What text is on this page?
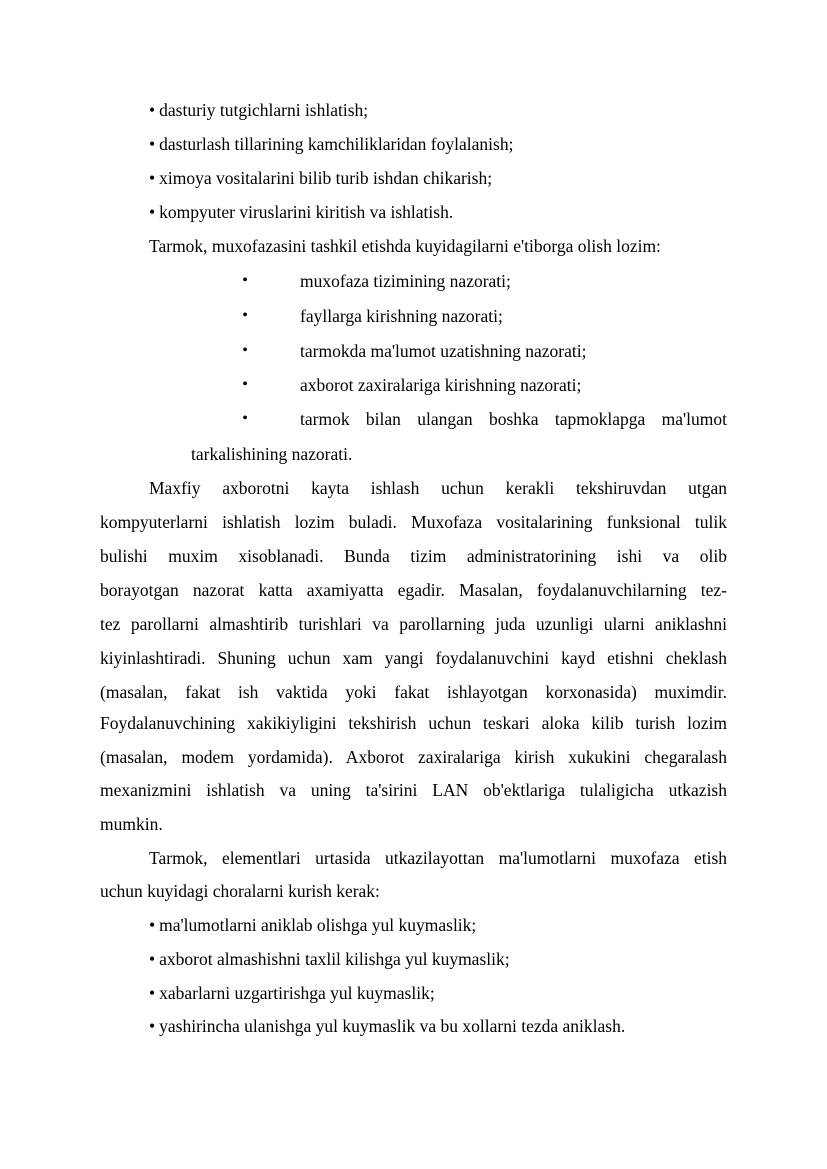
• dasturiy tutgichlarni ishlatish;
• dasturlash tillarining kamchiliklaridan foylalanish;
• ximoya vositalarini bilib turib ishdan chikarish;
• kompyuter viruslarini kiritish va ishlatish.
Tarmok, muxofazasini tashkil etishda kuyidagilarni e'tiborga olish lozim:
•	muxofaza tizimining nazorati;
•	fayllarga kirishning nazorati;
•	tarmokda ma'lumot uzatishning nazorati;
•	axborot zaxiralariga kirishning nazorati;
•	tarmok bilan ulangan boshka tapmoklapga ma'lumot
tarkalishining nazorati.
Maxfiy axborotni kayta ishlash uchun kerakli tekshiruvdan utgan
kompyuterlarni ishlatish lozim buladi. Muxofaza vositalarining funksional tulik
bulishi muxim xisoblanadi. Bunda tizim administratorining ishi va olib
borayotgan nazorat katta axamiyatta egadir. Masalan, foydalanuvchilarning tez-
tez parollarni almashtirib turishlari va parollarning juda uzunligi ularni aniklashni
kiyinlashtiradi. Shuning uchun xam yangi foydalanuvchini kayd etishni cheklash
(masalan, fakat ish vaktida yoki fakat ishlayotgan korxonasida) muximdir.
Foydalanuvchining xakikiyligini tekshirish uchun teskari aloka kilib turish lozim
(masalan, modem yordamida). Axborot zaxiralariga kirish xukukini chegaralash
mexanizmini ishlatish va uning ta'sirini LAN ob'ektlariga tulaligicha utkazish
mumkin.
Tarmok, elementlari urtasida utkazilayottan ma'lumotlarni muxofaza etish
uchun kuyidagi choralarni kurish kerak:
• ma'lumotlarni aniklab olishga yul kuymaslik;
• axborot almashishni taxlil kilishga yul kuymaslik;
• xabarlarni uzgartirishga yul kuymaslik;
• yashirincha ulanishga yul kuymaslik va bu xollarni tezda aniklash.
